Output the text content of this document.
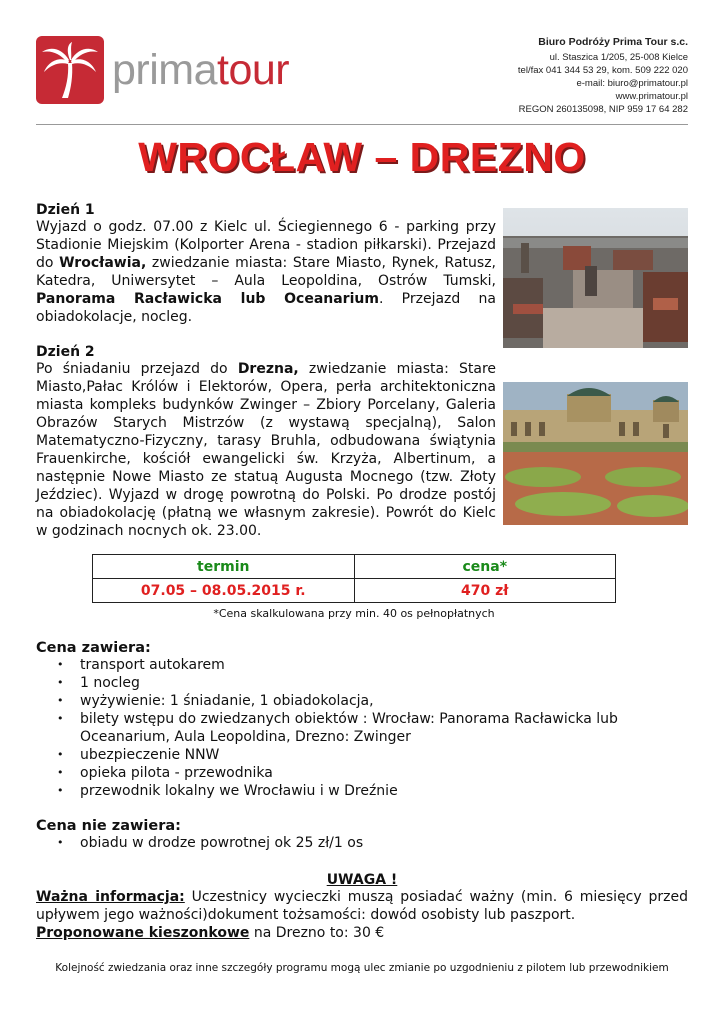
primatour
Biuro Podróży Prima Tour s.c.
ul. Staszica 1/205, 25-008 Kielce
tel/fax 041 344 53 29, kom. 509 222 020
e-mail: biuro@primatour.pl
www.primatour.pl
REGON 260135098, NIP 959 17 64 282
WROCŁAW – DREZNO
Dzień 1
Wyjazd o godz. 07.00 z Kielc ul. Ściegiennego 6 - parking przy Stadionie Miejskim (Kolporter Arena - stadion piłkarski). Przejazd do Wrocławia, zwiedzanie miasta: Stare Miasto, Rynek, Ratusz, Katedra, Uniwersytet – Aula Leopoldina, Ostrów Tumski, Panorama Racławicka lub Oceanarium. Przejazd na obiadokolacje, nocleg.
Dzień 2
Po śniadaniu przejazd do Drezna, zwiedzanie miasta: Stare Miasto,Pałac Królów i Elektorów, Opera, perła architektoniczna miasta kompleks budynków Zwinger – Zbiory Porcelany, Galeria Obrazów Starych Mistrzów (z wystawą specjalną), Salon Matematyczno-Fizyczny, tarasy Bruhla, odbudowana świątynia Frauenkirche, kościół ewangelicki św. Krzyża, Albertinum, a następnie Nowe Miasto ze statuą Augusta Mocnego (tzw. Złoty Jeździec). Wyjazd w drogę powrotną do Polski. Po drodze postój na obiadokolację (płatną we własnym zakresie). Powrót do Kielc w godzinach nocnych ok. 23.00.
termin	cena*
07.05 – 08.05.2015 r.	470 zł
*Cena skalkulowana przy min. 40 os pełnopłatnych
Cena zawiera:
• transport autokarem
• 1 nocleg
• wyżywienie: 1 śniadanie, 1 obiadokolacja,
• bilety wstępu do zwiedzanych obiektów : Wrocław: Panorama Racławicka lub Oceanarium, Aula Leopoldina, Drezno: Zwinger
• ubezpieczenie NNW
• opieka pilota - przewodnika
• przewodnik lokalny we Wrocławiu i w Dreźnie
Cena nie zawiera:
• obiadu w drodze powrotnej ok 25 zł/1 os
UWAGA !
Ważna informacja: Uczestnicy wycieczki muszą posiadać ważny (min. 6 miesięcy przed upływem jego ważności)dokument tożsamości: dowód osobisty lub paszport.
Proponowane kieszonkowe na Drezno to: 30 €
Kolejność zwiedzania oraz inne szczegóły programu mogą ulec zmianie po uzgodnieniu z pilotem lub przewodnikiem
